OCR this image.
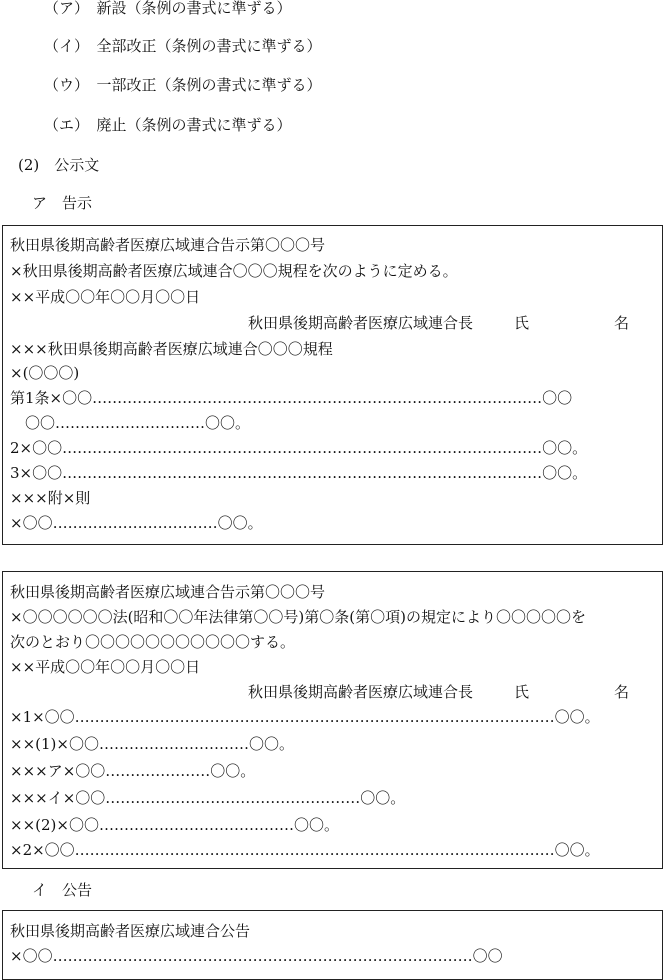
（ア）　新設（条例の書式に準ずる）
（イ）　全部改正（条例の書式に準ずる）
（ウ）　一部改正（条例の書式に準ずる）
（エ）　廃止（条例の書式に準ずる）
(2)　公示文
ア　告示
秋田県後期高齢者医療広域連合告示第〇〇〇号
×秋田県後期高齢者医療広域連合〇〇〇規程を次のように定める。
××平成〇〇年〇〇月〇〇日
秋田県後期高齢者医療広域連合長	氏	名
×××秋田県後期高齢者医療広域連合〇〇〇規程
×(〇〇〇)
第1条×〇〇………………………………………………………………………………〇〇
　〇〇…………………………〇〇。
2×〇〇……………………………………………………………………………………〇〇。
3×〇〇……………………………………………………………………………………〇〇。
×××附×則
×〇〇……………………………〇〇。
秋田県後期高齢者医療広域連合告示第〇〇〇号
×〇〇〇〇〇〇法(昭和〇〇年法律第〇〇号)第〇条(第〇項)の規定により〇〇〇〇〇を
次のとおり〇〇〇〇〇〇〇〇〇〇〇する。
××平成〇〇年〇〇月〇〇日
秋田県後期高齢者医療広域連合長	氏	名
×1×〇〇……………………………………………………………………………………〇〇。
××(1)×〇〇…………………………〇〇。
×××ア×〇〇…………………〇〇。
×××イ×〇〇……………………………………………〇〇。
××(2)×〇〇…………………………………〇〇。
×2×〇〇……………………………………………………………………………………〇〇。
イ　公告
秋田県後期高齢者医療広域連合公告
×〇〇…………………………………………………………………………〇〇
